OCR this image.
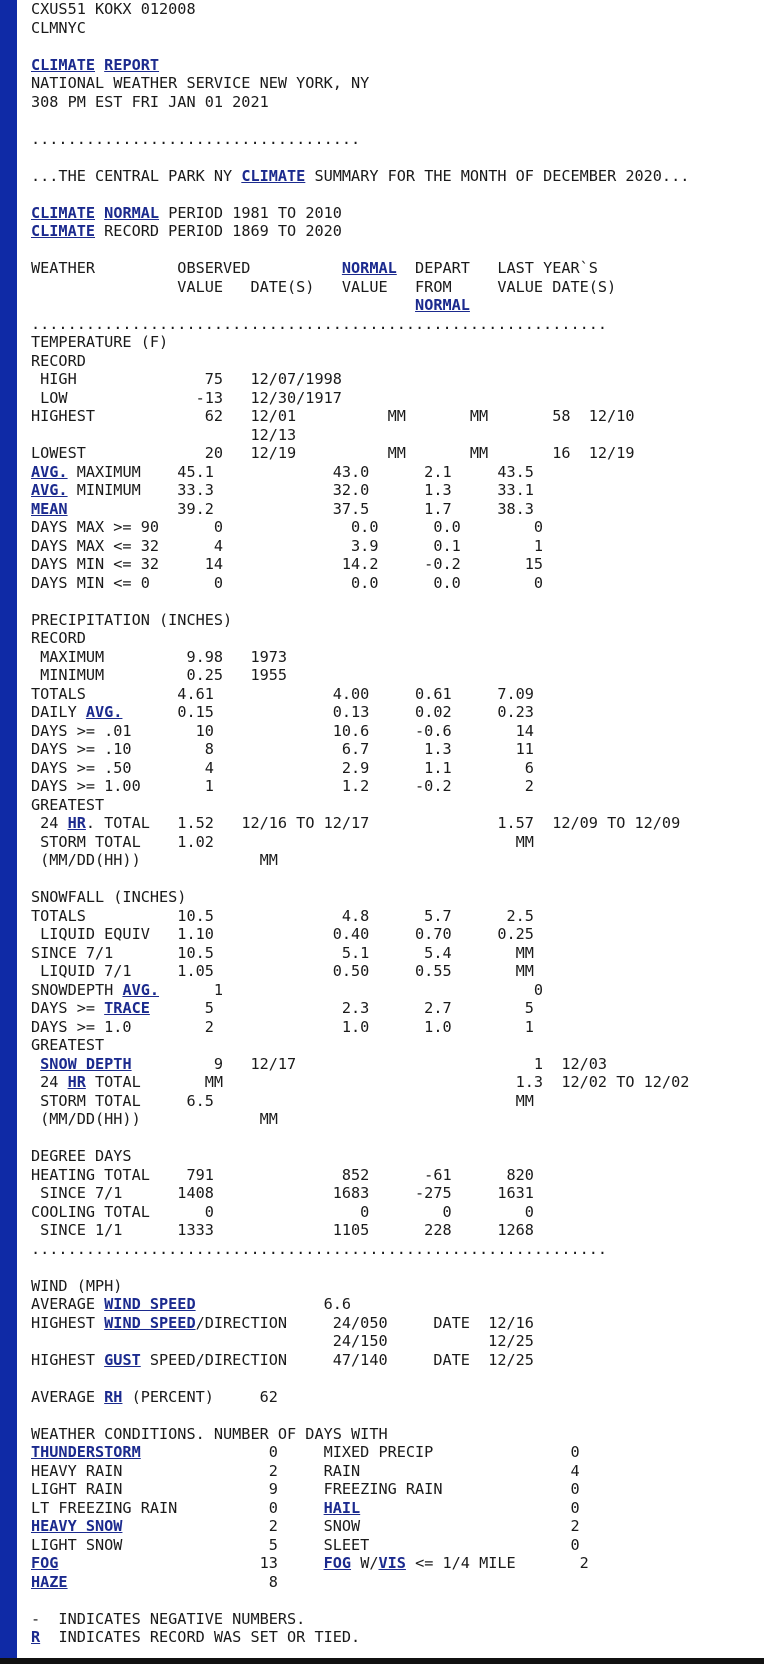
CXUS51 KOKX 012008
CLMNYC

CLIMATE REPORT
NATIONAL WEATHER SERVICE NEW YORK, NY
308 PM EST FRI JAN 01 2021

....................................

...THE CENTRAL PARK NY CLIMATE SUMMARY FOR THE MONTH OF DECEMBER 2020...

CLIMATE NORMAL PERIOD 1981 TO 2010
CLIMATE RECORD PERIOD 1869 TO 2020

WEATHER         OBSERVED          NORMAL  DEPART   LAST YEAR`S
VALUE   DATE(S)   VALUE   FROM     VALUE DATE(S)
NORMAL
...............................................................
TEMPERATURE (F)
RECORD
HIGH              75   12/07/1998
LOW              -13   12/30/1917
HIGHEST            62   12/01          MM       MM       58  12/10
12/13
LOWEST             20   12/19          MM       MM       16  12/19
AVG. MAXIMUM    45.1             43.0      2.1     43.5
AVG. MINIMUM    33.3             32.0      1.3     33.1
MEAN            39.2             37.5      1.7     38.3
DAYS MAX >= 90      0              0.0      0.0        0
DAYS MAX <= 32      4              3.9      0.1        1
DAYS MIN <= 32     14             14.2     -0.2       15
DAYS MIN <= 0       0              0.0      0.0        0

PRECIPITATION (INCHES)
RECORD
MAXIMUM         9.98   1973
MINIMUM         0.25   1955
TOTALS          4.61             4.00     0.61     7.09
DAILY AVG.      0.15             0.13     0.02     0.23
DAYS >= .01       10             10.6     -0.6       14
DAYS >= .10        8              6.7      1.3       11
DAYS >= .50        4              2.9      1.1        6
DAYS >= 1.00       1              1.2     -0.2        2
GREATEST
24 HR. TOTAL   1.52   12/16 TO 12/17              1.57  12/09 TO 12/09
STORM TOTAL    1.02                                 MM
(MM/DD(HH))             MM

SNOWFALL (INCHES)
TOTALS          10.5              4.8      5.7      2.5
LIQUID EQUIV   1.10             0.40     0.70     0.25
SINCE 7/1       10.5              5.1      5.4       MM
LIQUID 7/1     1.05             0.50     0.55       MM
SNOWDEPTH AVG.      1                                  0
DAYS >= TRACE      5              2.3      2.7        5
DAYS >= 1.0        2              1.0      1.0        1
GREATEST
SNOW DEPTH         9   12/17                          1  12/03
24 HR TOTAL       MM                                1.3  12/02 TO 12/02
STORM TOTAL     6.5                                 MM
(MM/DD(HH))             MM

DEGREE DAYS
HEATING TOTAL    791              852      -61      820
SINCE 7/1      1408             1683     -275     1631
COOLING TOTAL      0                0        0        0
SINCE 1/1      1333             1105      228     1268
...............................................................

WIND (MPH)
AVERAGE WIND SPEED              6.6
HIGHEST WIND SPEED/DIRECTION     24/050     DATE  12/16
24/150           12/25
HIGHEST GUST SPEED/DIRECTION     47/140     DATE  12/25

AVERAGE RH (PERCENT)     62

WEATHER CONDITIONS. NUMBER OF DAYS WITH
THUNDERSTORM              0     MIXED PRECIP               0
HEAVY RAIN                2     RAIN                       4
LIGHT RAIN                9     FREEZING RAIN              0
LT FREEZING RAIN          0     HAIL                       0
HEAVY SNOW                2     SNOW                       2
LIGHT SNOW                5     SLEET                      0
FOG                      13     FOG W/VIS <= 1/4 MILE       2
HAZE                      8

-  INDICATES NEGATIVE NUMBERS.
R  INDICATES RECORD WAS SET OR TIED.
